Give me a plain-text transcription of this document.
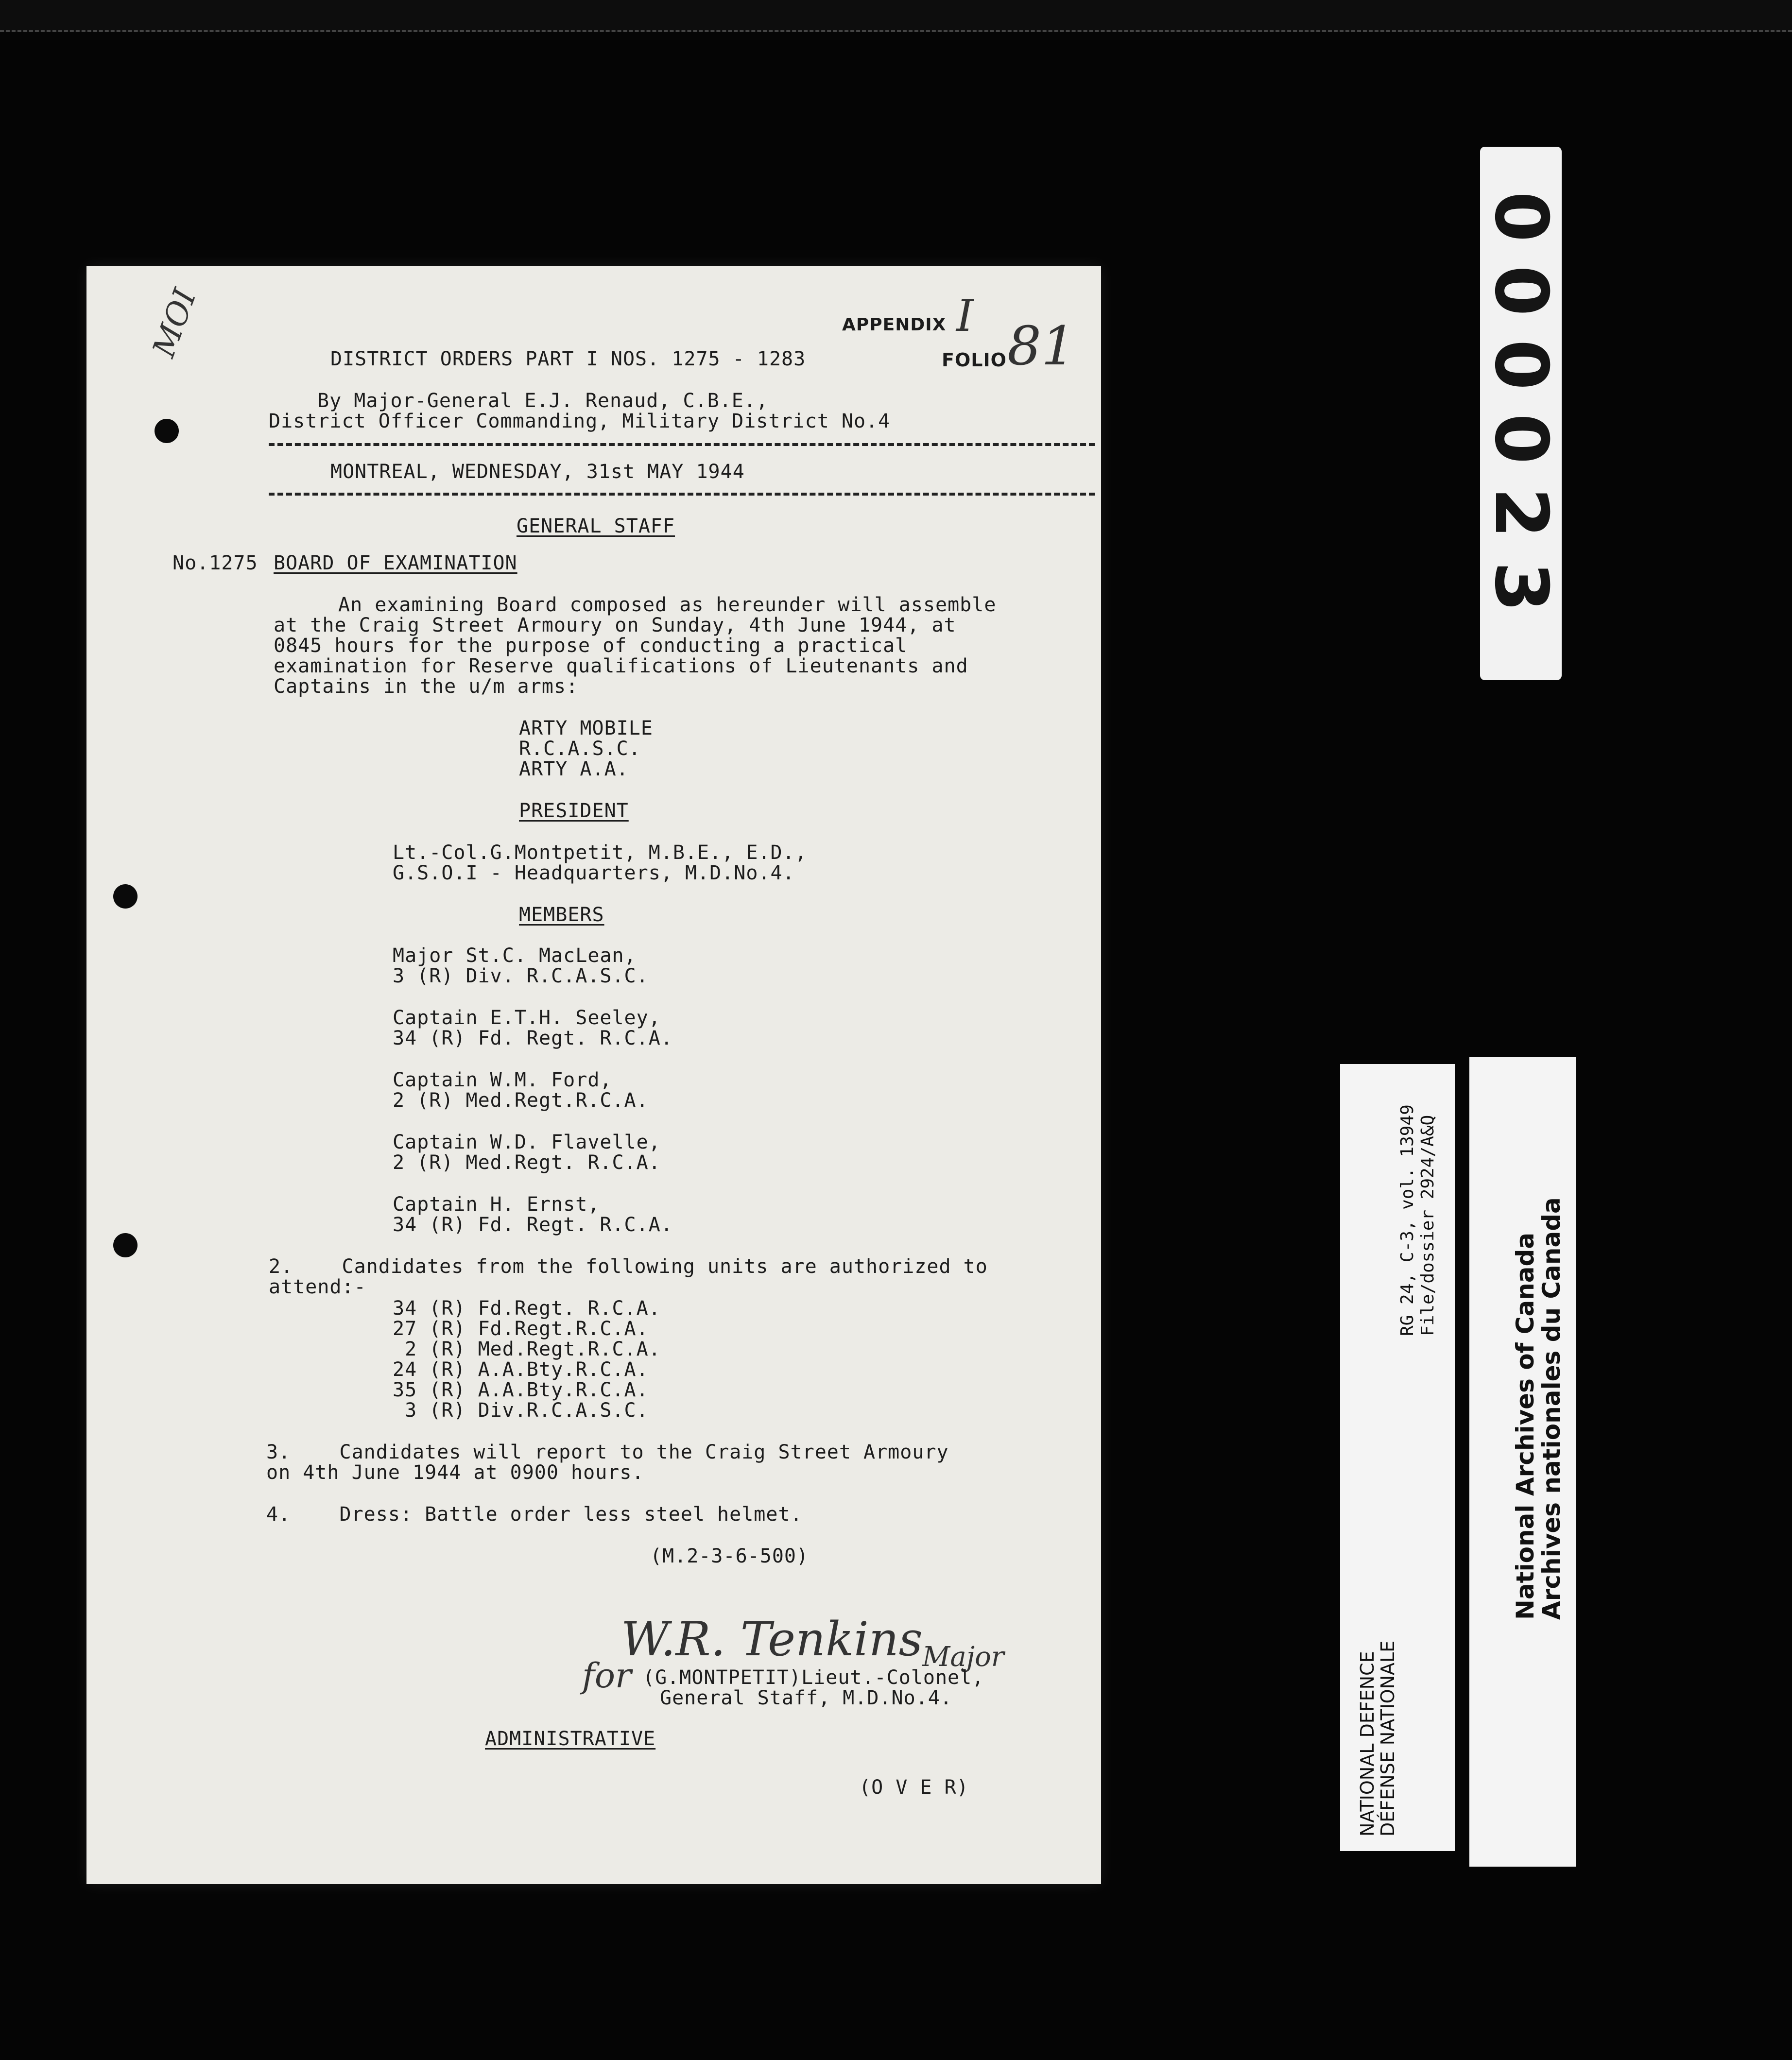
MOI	APPENDIX I
FOLIO 81
DISTRICT ORDERS PART I NOS. 1275 - 1283
By Major-General E.J. Renaud, C.B.E.,
District Officer Commanding, Military District No.4
MONTREAL, WEDNESDAY, 31st MAY 1944
GENERAL STAFF
No.1275 BOARD OF EXAMINATION
An examining Board composed as hereunder will assemble
at the Craig Street Armoury on Sunday, 4th June 1944, at
0845 hours for the purpose of conducting a practical
examination for Reserve qualifications of Lieutenants and
Captains in the u/m arms:
ARTY MOBILE
R.C.A.S.C.
ARTY A.A.
PRESIDENT
Lt.-Col.G.Montpetit, M.B.E., E.D.,
G.S.O.I - Headquarters, M.D.No.4.
MEMBERS
Major St.C. MacLean,
3 (R) Div. R.C.A.S.C.
Captain E.T.H. Seeley,
34 (R) Fd. Regt. R.C.A.
Captain W.M. Ford,
2 (R) Med.Regt.R.C.A.
Captain W.D. Flavelle,
2 (R) Med.Regt. R.C.A.
Captain H. Ernst,
34 (R) Fd. Regt. R.C.A.
2.    Candidates from the following units are authorized to
attend:-
34 (R) Fd.Regt. R.C.A.
27 (R) Fd.Regt.R.C.A.
2 (R) Med.Regt.R.C.A.
24 (R) A.A.Bty.R.C.A.
35 (R) A.A.Bty.R.C.A.
3 (R) Div.R.C.A.S.C.
3.    Candidates will report to the Craig Street Armoury
on 4th June 1944 at 0900 hours.
4.    Dress: Battle order less steel helmet.
(M.2-3-6-500)
W.R. Tenkins Major
for (G.MONTPETIT)Lieut.-Colonel,
General Staff, M.D.No.4.
ADMINISTRATIVE
(O V E R)
000023
NATIONAL DEFENCE
DÉFENSE NATIONALE
RG 24, C-3, vol. 13949 File/dossier 2924/A&Q
National Archives of Canada
Archives nationales du Canada
